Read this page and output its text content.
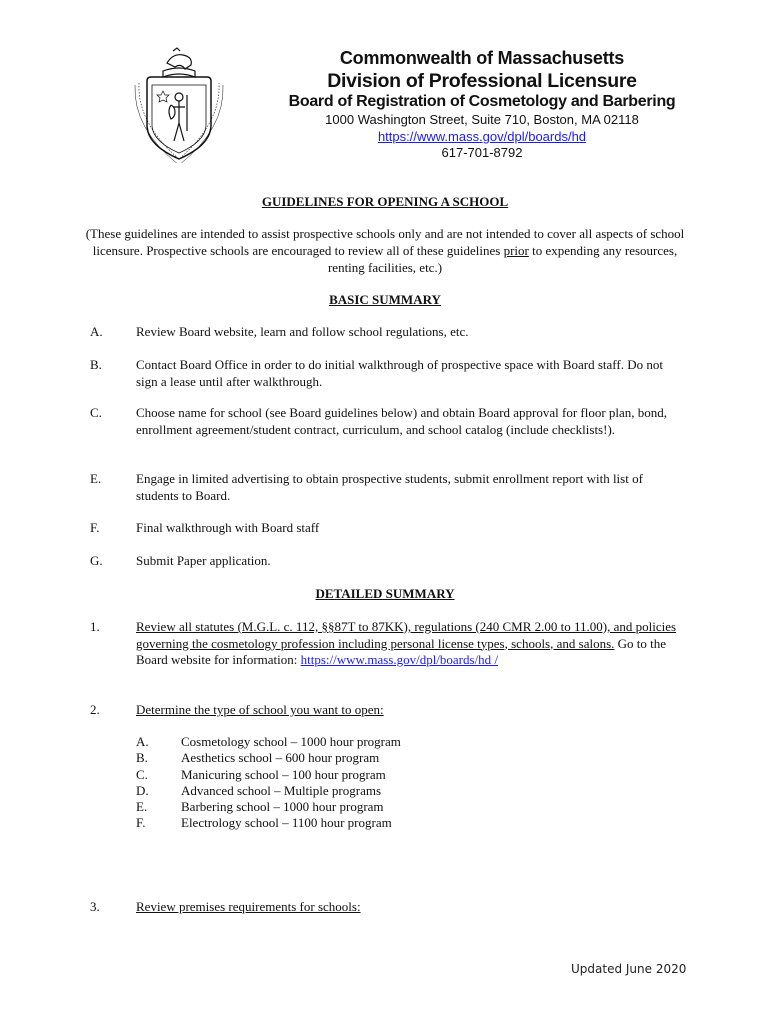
Commonwealth of Massachusetts
Division of Professional Licensure
Board of Registration of Cosmetology and Barbering
1000 Washington Street, Suite 710, Boston, MA 02118
https://www.mass.gov/dpl/boards/hd
617-701-8792
GUIDELINES FOR OPENING A SCHOOL
(These guidelines are intended to assist prospective schools only and are not intended to cover all aspects of school licensure. Prospective schools are encouraged to review all of these guidelines prior to expending any resources, renting facilities, etc.)
BASIC SUMMARY
A.	Review Board website, learn and follow school regulations, etc.
B.	Contact Board Office in order to do initial walkthrough of prospective space with Board staff. Do not sign a lease until after walkthrough.
C.	Choose name for school (see Board guidelines below) and obtain Board approval for floor plan, bond, enrollment agreement/student contract, curriculum, and school catalog (include checklists!).
E.	Engage in limited advertising to obtain prospective students, submit enrollment report with list of students to Board.
F.	Final walkthrough with Board staff
G.	Submit Paper application.
DETAILED SUMMARY
1.	Review all statutes (M.G.L. c. 112, §§87T to 87KK), regulations (240 CMR 2.00 to 11.00), and policies governing the cosmetology profession including personal license types, schools, and salons. Go to the Board website for information: https://www.mass.gov/dpl/boards/hd /
2.	Determine the type of school you want to open:
A. Cosmetology school – 1000 hour program
B.	Aesthetics school – 600 hour program
C.	Manicuring school – 100 hour program
D. Advanced school – Multiple programs
E.	Barbering school – 1000 hour program
F.	Electrology school – 1100 hour program
3.	Review premises requirements for schools:
Updated June 2020
